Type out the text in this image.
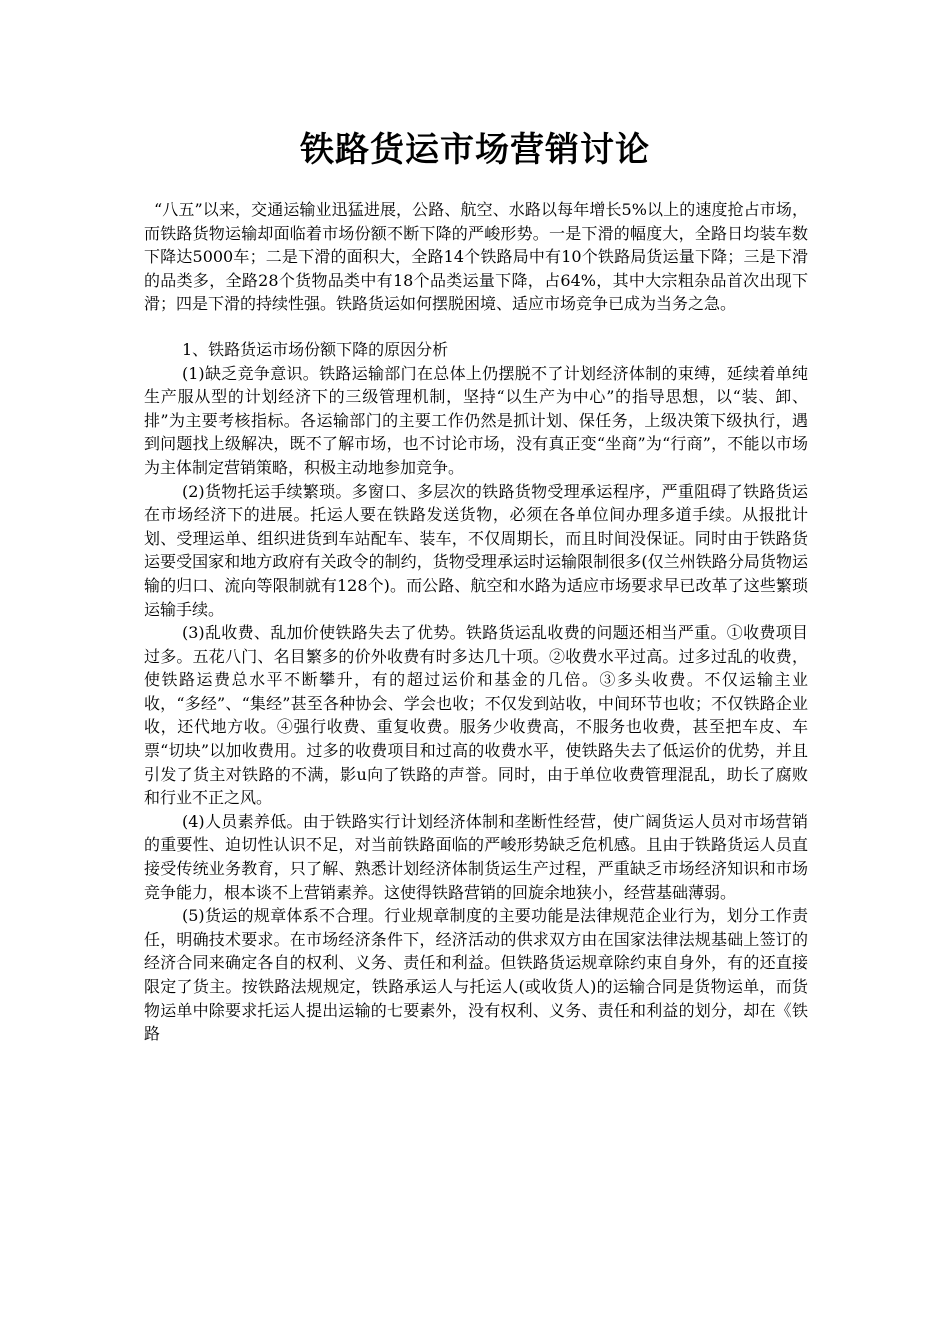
铁路货运市场营销讨论

“八五”以来，交通运输业迅猛进展，公路、航空、水路以每年增长5%以上的速度抢占市场，而铁路货物运输却面临着市场份额不断下降的严峻形势。一是下滑的幅度大，全路日均装车数下降达5000车；二是下滑的面积大，全路14个铁路局中有10个铁路局货运量下降；三是下滑的品类多，全路28个货物品类中有18个品类运量下降，占64%，其中大宗粗杂品首次出现下滑；四是下滑的持续性强。铁路货运如何摆脱困境、适应市场竞争已成为当务之急。

1、铁路货运市场份额下降的原因分析

(1)缺乏竞争意识。铁路运输部门在总体上仍摆脱不了计划经济体制的束缚，延续着单纯生产服从型的计划经济下的三级管理机制，坚持“以生产为中心”的指导思想，以“装、卸、排”为主要考核指标。各运输部门的主要工作仍然是抓计划、保任务，上级决策下级执行，遇到问题找上级解决，既不了解市场，也不讨论市场，没有真正变“坐商”为“行商”，不能以市场为主体制定营销策略，积极主动地参加竞争。

(2)货物托运手续繁琐。多窗口、多层次的铁路货物受理承运程序，严重阻碍了铁路货运在市场经济下的进展。托运人要在铁路发送货物，必须在各单位间办理多道手续。从报批计划、受理运单、组织进货到车站配车、装车，不仅周期长，而且时间没保证。同时由于铁路货运要受国家和地方政府有关政令的制约，货物受理承运时运输限制很多(仅兰州铁路分局货物运输的归口、流向等限制就有128个)。而公路、航空和水路为适应市场要求早已改革了这些繁琐运输手续。

(3)乱收费、乱加价使铁路失去了优势。铁路货运乱收费的问题还相当严重。①收费项目过多。五花八门、名目繁多的价外收费有时多达几十项。②收费水平过高。过多过乱的收费，使铁路运费总水平不断攀升，有的超过运价和基金的几倍。③多头收费。不仅运输主业收，“多经”、“集经”甚至各种协会、学会也收；不仅发到站收，中间环节也收；不仅铁路企业收，还代地方收。④强行收费、重复收费。服务少收费高，不服务也收费，甚至把车皮、车票“切块”以加收费用。过多的收费项目和过高的收费水平，使铁路失去了低运价的优势，并且引发了货主对铁路的不满，影u向了铁路的声誉。同时，由于单位收费管理混乱，助长了腐败和行业不正之风。

(4)人员素养低。由于铁路实行计划经济体制和垄断性经营，使广阔货运人员对市场营销的重要性、迫切性认识不足，对当前铁路面临的严峻形势缺乏危机感。且由于铁路货运人员直接受传统业务教育，只了解、熟悉计划经济体制货运生产过程，严重缺乏市场经济知识和市场竞争能力，根本谈不上营销素养。这使得铁路营销的回旋余地狭小，经营基础薄弱。

(5)货运的规章体系不合理。行业规章制度的主要功能是法律规范企业行为，划分工作责任，明确技术要求。在市场经济条件下，经济活动的供求双方由在国家法律法规基础上签订的经济合同来确定各自的权利、义务、责任和利益。但铁路货运规章除约束自身外，有的还直接限定了货主。按铁路法规规定，铁路承运人与托运人(或收货人)的运输合同是货物运单，而货物运单中除要求托运人提出运输的七要素外，没有权利、义务、责任和利益的划分，却在《铁路
